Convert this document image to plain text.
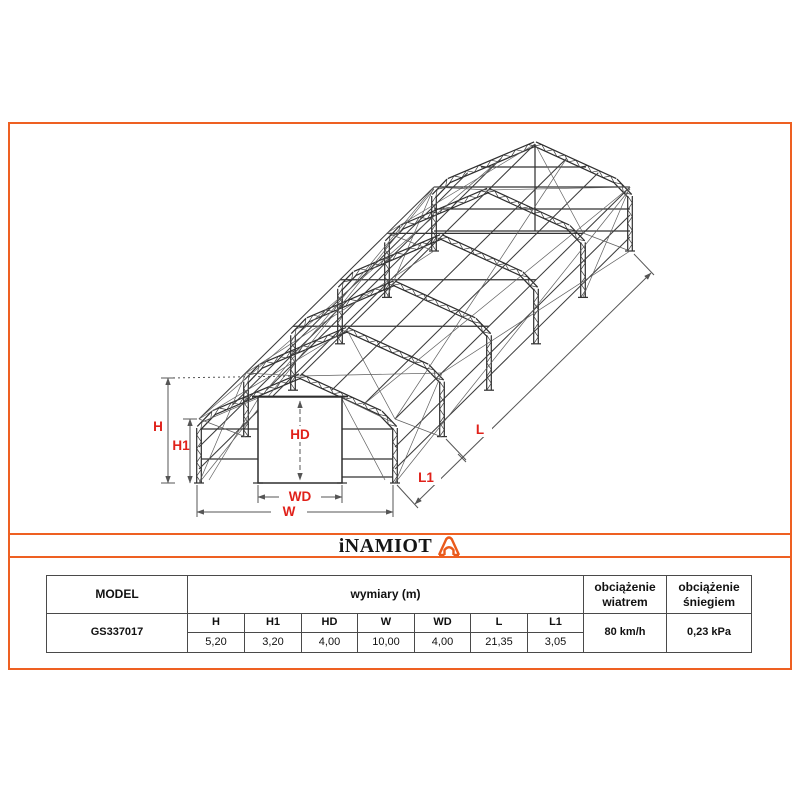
H
H1
HD
WD
W
L1
L
iNAMIOT
MODEL	wymiary (m)							obciążenie wiatrem	obciążenie śniegiem
GS337017	H	H1	HD	W	WD	L	L1	80 km/h	0,23 kPa
	5,20	3,20	4,00	10,00	4,00	21,35	3,05		
